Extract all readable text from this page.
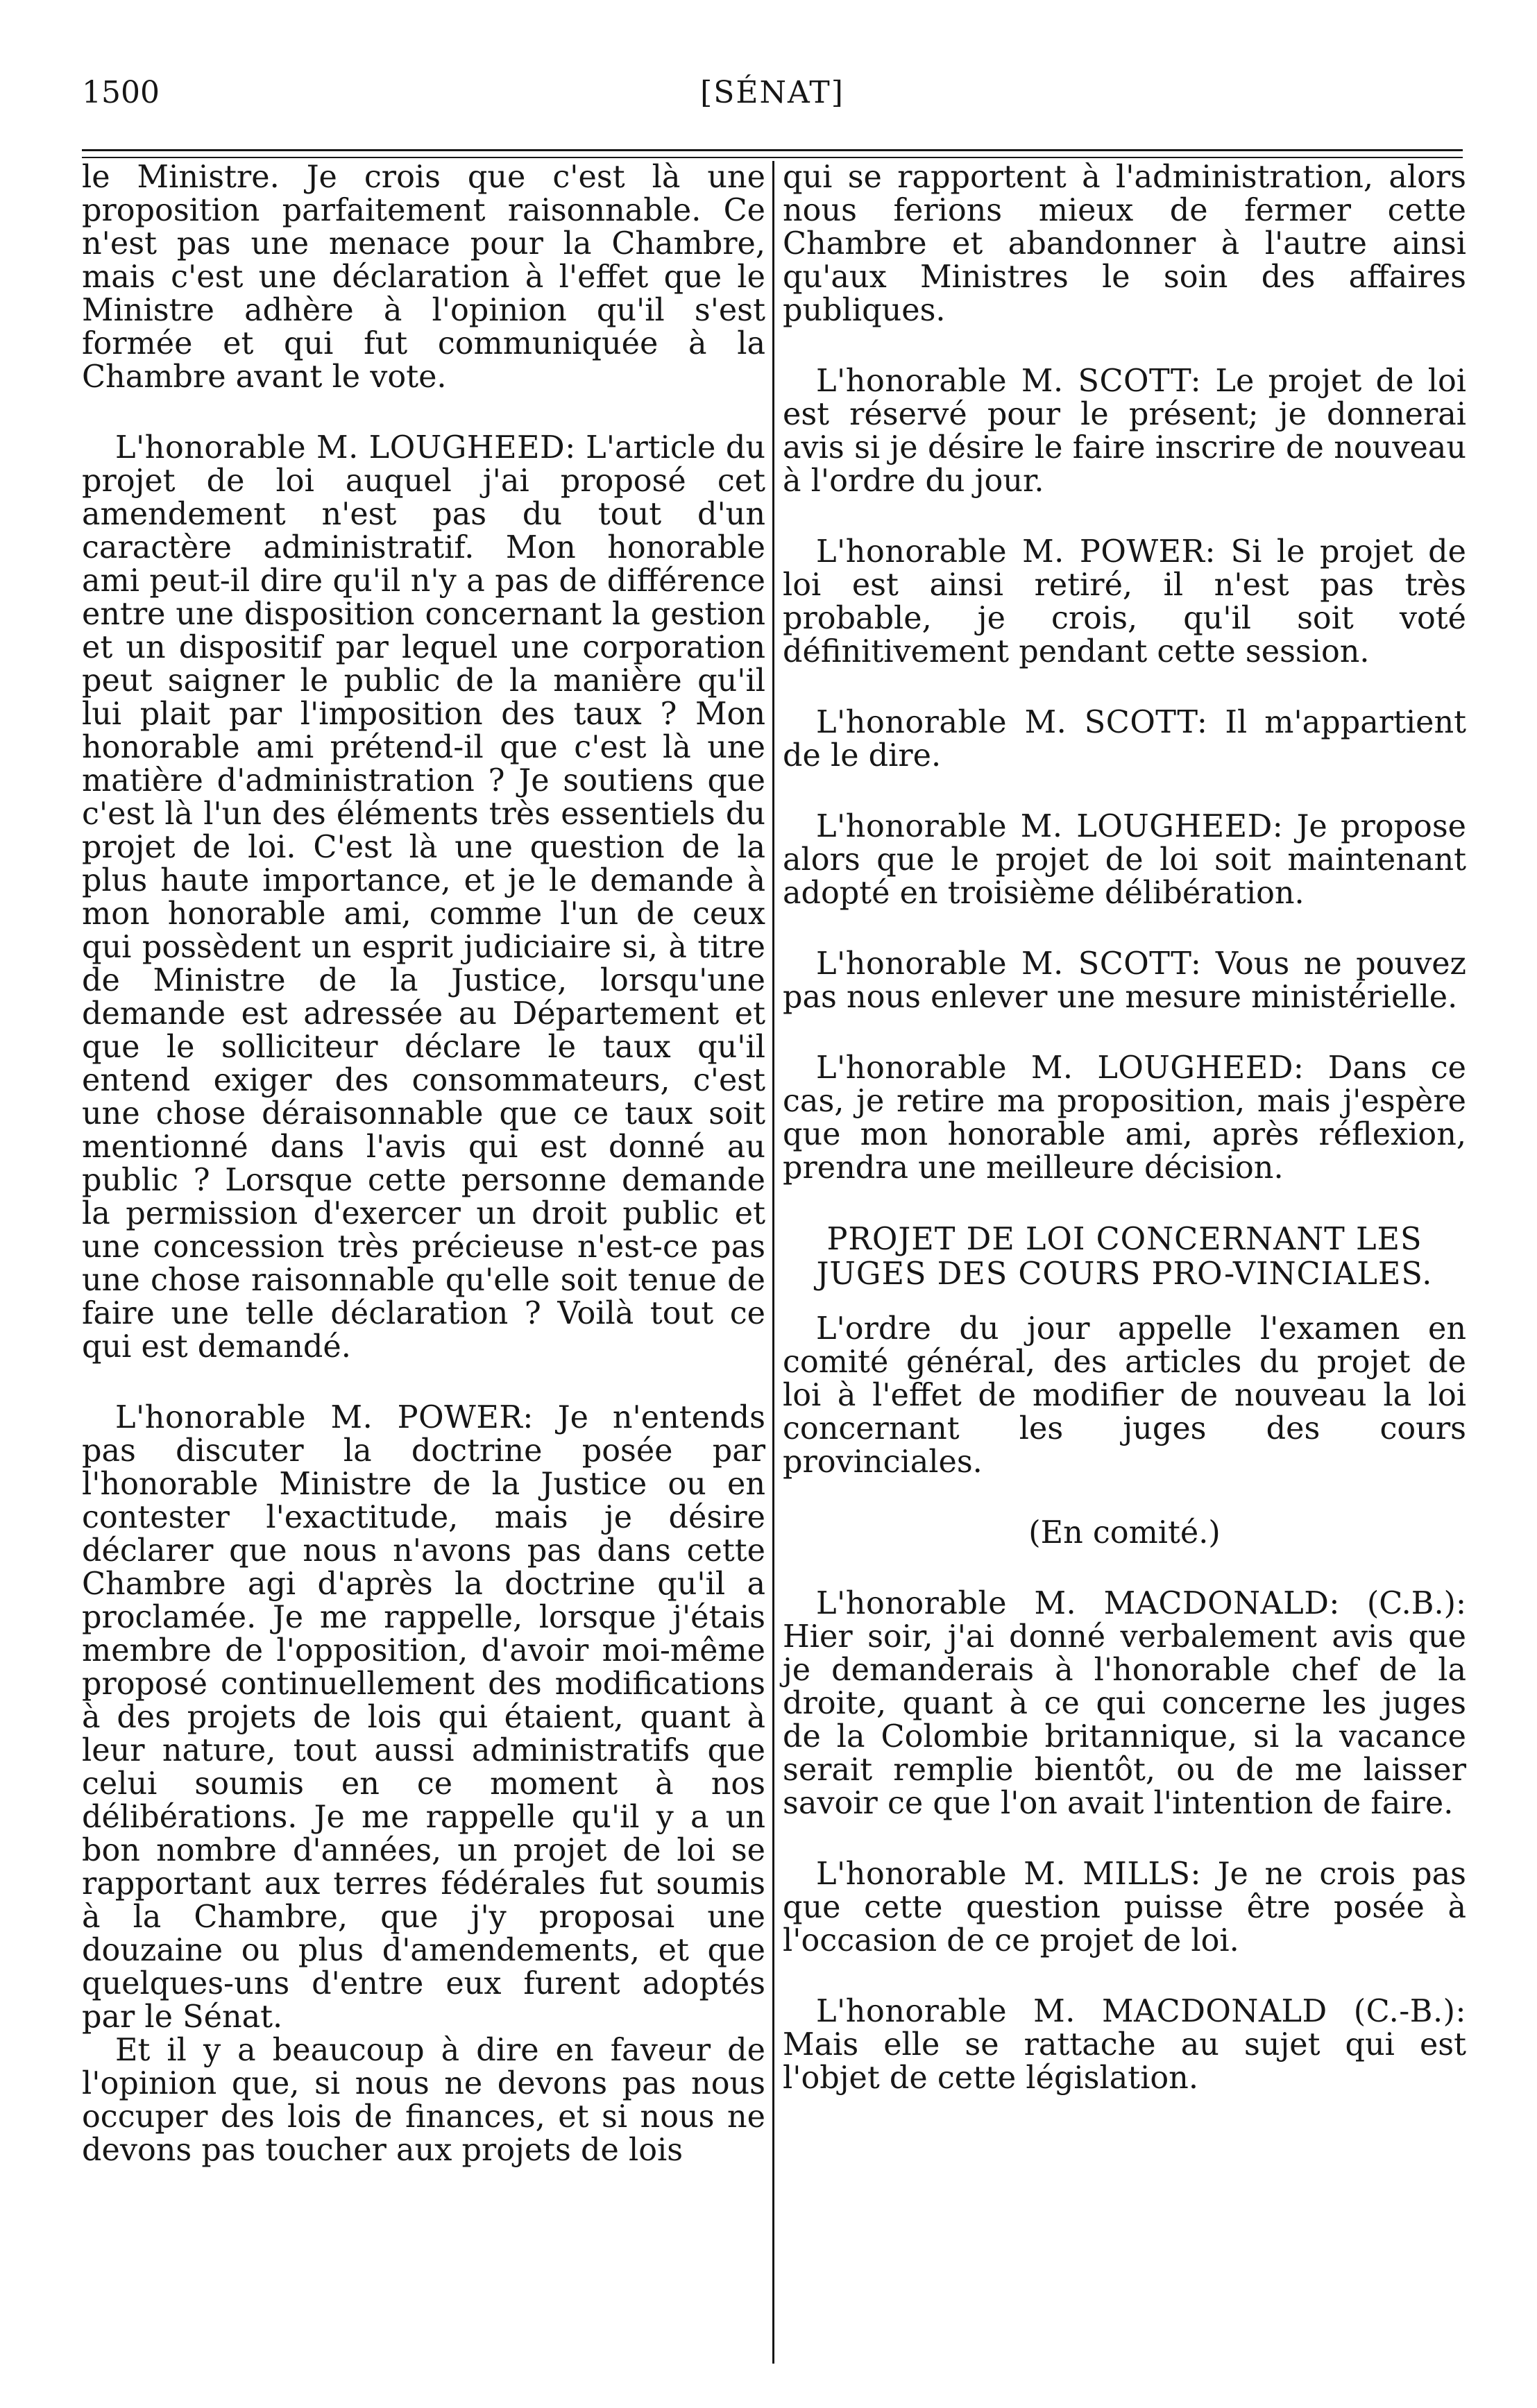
1500	[SÉNAT]

le Ministre. Je crois que c'est là une proposition parfaitement raisonnable. Ce n'est pas une menace pour la Chambre, mais c'est une déclaration à l'effet que le Ministre adhère à l'opinion qu'il s'est formée et qui fut communiquée à la Chambre avant le vote.

L'honorable M. LOUGHEED: L'article du projet de loi auquel j'ai proposé cet amendement n'est pas du tout d'un caractère administratif. Mon honorable ami peut-il dire qu'il n'y a pas de différence entre une disposition concernant la gestion et un dispositif par lequel une corporation peut saigner le public de la manière qu'il lui plait par l'imposition des taux ? Mon honorable ami prétend-il que c'est là une matière d'administration ? Je soutiens que c'est là l'un des éléments très essentiels du projet de loi. C'est là une question de la plus haute importance, et je le demande à mon honorable ami, comme l'un de ceux qui possèdent un esprit judiciaire si, à titre de Ministre de la Justice, lorsqu'une demande est adressée au Département et que le solliciteur déclare le taux qu'il entend exiger des consommateurs, c'est une chose déraisonnable que ce taux soit mentionné dans l'avis qui est donné au public ? Lorsque cette personne demande la permission d'exercer un droit public et une concession très précieuse n'est-ce pas une chose raisonnable qu'elle soit tenue de faire une telle déclaration ? Voilà tout ce qui est demandé.

L'honorable M. POWER: Je n'entends pas discuter la doctrine posée par l'honorable Ministre de la Justice ou en contester l'exactitude, mais je désire déclarer que nous n'avons pas dans cette Chambre agi d'après la doctrine qu'il a proclamée. Je me rappelle, lorsque j'étais membre de l'opposition, d'avoir moi-même proposé continuellement des modifications à des projets de lois qui étaient, quant à leur nature, tout aussi administratifs que celui soumis en ce moment à nos délibérations. Je me rappelle qu'il y a un bon nombre d'années, un projet de loi se rapportant aux terres fédérales fut soumis à la Chambre, que j'y proposai une douzaine ou plus d'amendements, et que quelques-uns d'entre eux furent adoptés par le Sénat.

Et il y a beaucoup à dire en faveur de l'opinion que, si nous ne devons pas nous occuper des lois de finances, et si nous ne devons pas toucher aux projets de lois

qui se rapportent à l'administration, alors nous ferions mieux de fermer cette Chambre et abandonner à l'autre ainsi qu'aux Ministres le soin des affaires publiques.

L'honorable M. SCOTT: Le projet de loi est réservé pour le présent; je donnerai avis si je désire le faire inscrire de nouveau à l'ordre du jour.

L'honorable M. POWER: Si le projet de loi est ainsi retiré, il n'est pas très probable, je crois, qu'il soit voté définitivement pendant cette session.

L'honorable M. SCOTT: Il m'appartient de le dire.

L'honorable M. LOUGHEED: Je propose alors que le projet de loi soit maintenant adopté en troisième délibération.

L'honorable M. SCOTT: Vous ne pouvez pas nous enlever une mesure ministérielle.

L'honorable M. LOUGHEED: Dans ce cas, je retire ma proposition, mais j'espère que mon honorable ami, après réflexion, prendra une meilleure décision.

PROJET DE LOI CONCERNANT LES JUGES DES COURS PRO-VINCIALES.

L'ordre du jour appelle l'examen en comité général, des articles du projet de loi à l'effet de modifier de nouveau la loi concernant les juges des cours provinciales.

(En comité.)

L'honorable M. MACDONALD: (C.B.): Hier soir, j'ai donné verbalement avis que je demanderais à l'honorable chef de la droite, quant à ce qui concerne les juges de la Colombie britannique, si la vacance serait remplie bientôt, ou de me laisser savoir ce que l'on avait l'intention de faire.

L'honorable M. MILLS: Je ne crois pas que cette question puisse être posée à l'occasion de ce projet de loi.

L'honorable M. MACDONALD (C.-B.): Mais elle se rattache au sujet qui est l'objet de cette législation.
